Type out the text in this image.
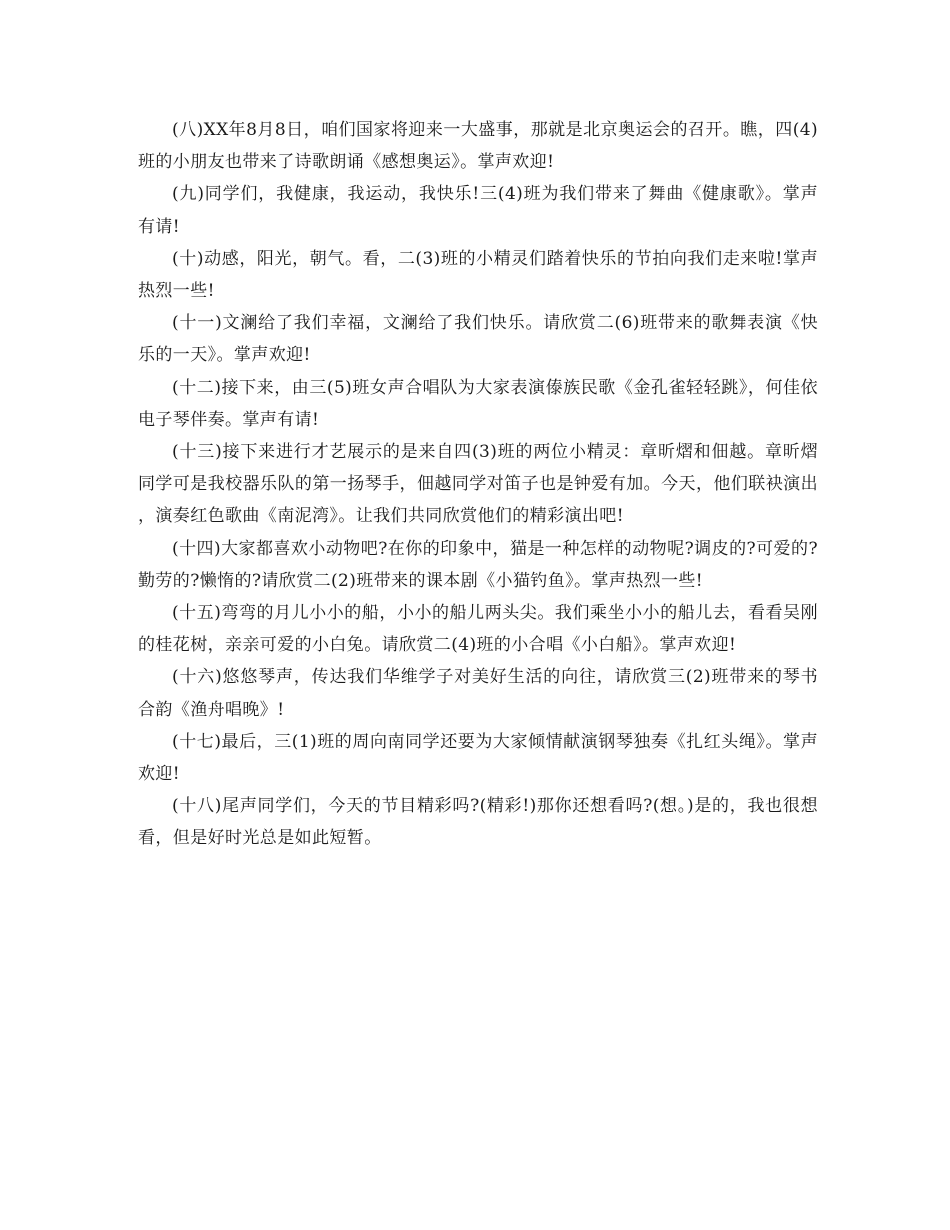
(八)XX年8月8日，咱们国家将迎来一大盛事，那就是北京奥运会的召开。瞧，四(4)班的小朋友也带来了诗歌朗诵《感想奥运》。掌声欢迎!

(九)同学们，我健康，我运动，我快乐!三(4)班为我们带来了舞曲《健康歌》。掌声有请!

(十)动感，阳光，朝气。看，二(3)班的小精灵们踏着快乐的节拍向我们走来啦!掌声热烈一些!

(十一)文澜给了我们幸福，文澜给了我们快乐。请欣赏二(6)班带来的歌舞表演《快乐的一天》。掌声欢迎!

(十二)接下来，由三(5)班女声合唱队为大家表演傣族民歌《金孔雀轻轻跳》，何佳依电子琴伴奏。掌声有请!

(十三)接下来进行才艺展示的是来自四(3)班的两位小精灵：章昕熠和佃越。章昕熠同学可是我校器乐队的第一扬琴手，佃越同学对笛子也是钟爱有加。今天，他们联袂演出，演奏红色歌曲《南泥湾》。让我们共同欣赏他们的精彩演出吧!

(十四)大家都喜欢小动物吧?在你的印象中，猫是一种怎样的动物呢?调皮的?可爱的?勤劳的?懒惰的?请欣赏二(2)班带来的课本剧《小猫钓鱼》。掌声热烈一些!

(十五)弯弯的月儿小小的船，小小的船儿两头尖。我们乘坐小小的船儿去，看看吴刚的桂花树，亲亲可爱的小白兔。请欣赏二(4)班的小合唱《小白船》。掌声欢迎!

(十六)悠悠琴声，传达我们华维学子对美好生活的向往，请欣赏三(2)班带来的琴书合韵《渔舟唱晚》!

(十七)最后，三(1)班的周向南同学还要为大家倾情献演钢琴独奏《扎红头绳》。掌声欢迎!

(十八)尾声同学们，今天的节目精彩吗?(精彩!)那你还想看吗?(想。)是的，我也很想看，但是好时光总是如此短暂。
